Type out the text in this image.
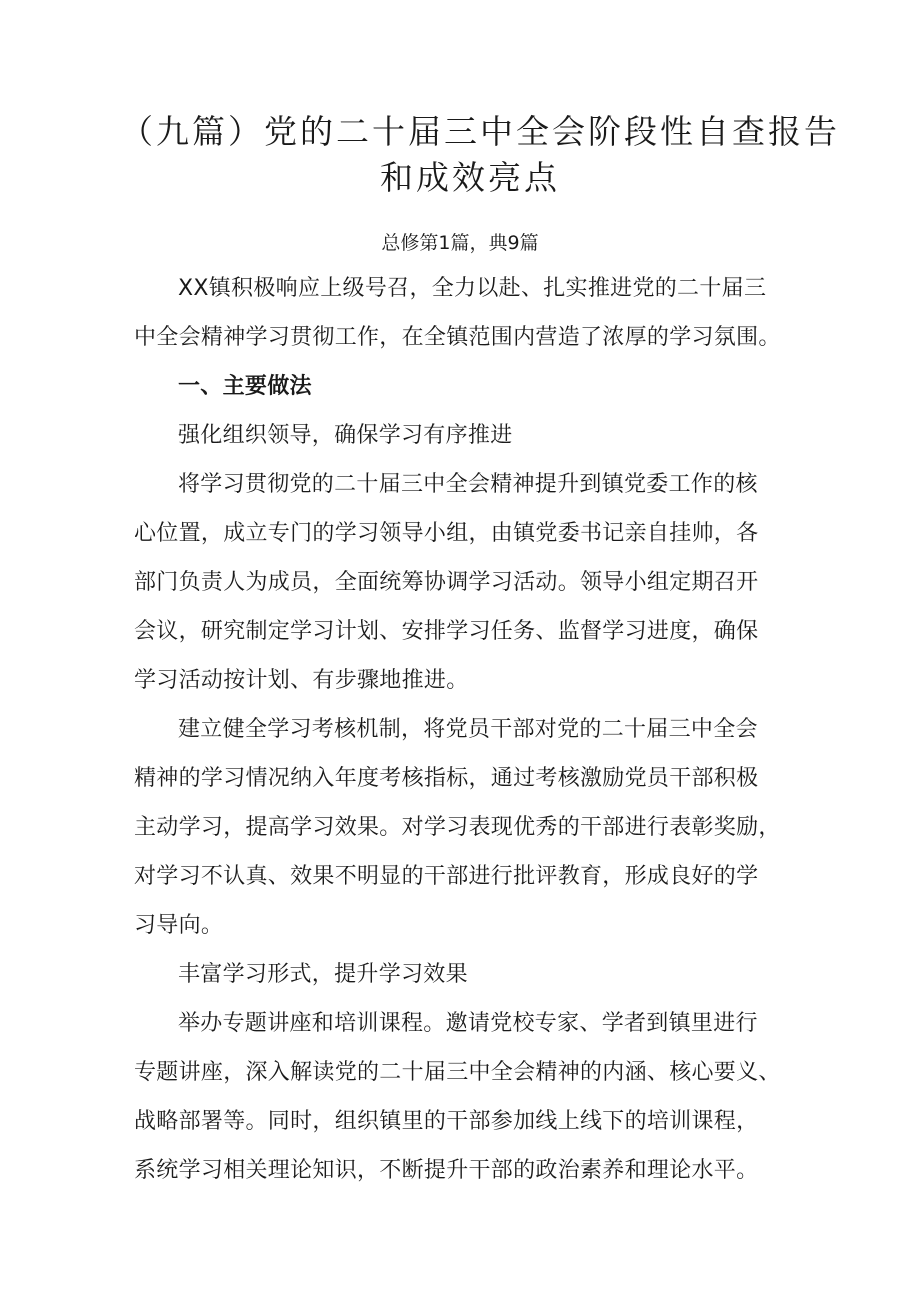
（九篇）党的二十届三中全会阶段性自查报告
和成效亮点
总修第1篇，典9篇
XX镇积极响应上级号召，全力以赴、扎实推进党的二十届三
中全会精神学习贯彻工作，在全镇范围内营造了浓厚的学习氛围。
一、主要做法
强化组织领导，确保学习有序推进
将学习贯彻党的二十届三中全会精神提升到镇党委工作的核
心位置，成立专门的学习领导小组，由镇党委书记亲自挂帅，各
部门负责人为成员，全面统筹协调学习活动。领导小组定期召开
会议，研究制定学习计划、安排学习任务、监督学习进度，确保
学习活动按计划、有步骤地推进。
建立健全学习考核机制，将党员干部对党的二十届三中全会
精神的学习情况纳入年度考核指标，通过考核激励党员干部积极
主动学习，提高学习效果。对学习表现优秀的干部进行表彰奖励，
对学习不认真、效果不明显的干部进行批评教育，形成良好的学
习导向。
丰富学习形式，提升学习效果
举办专题讲座和培训课程。邀请党校专家、学者到镇里进行
专题讲座，深入解读党的二十届三中全会精神的内涵、核心要义、
战略部署等。同时，组织镇里的干部参加线上线下的培训课程，
系统学习相关理论知识，不断提升干部的政治素养和理论水平。
